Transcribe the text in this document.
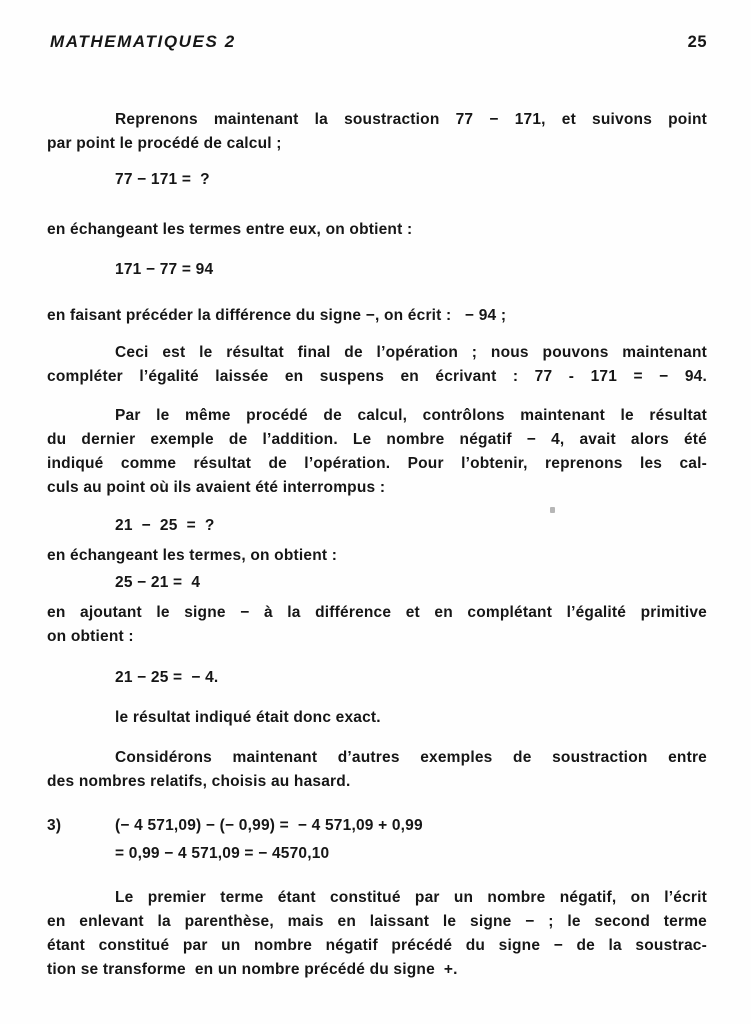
MATHEMATIQUES 2	25
Reprenons maintenant la soustraction 77 − 171, et suivons point
par point le procédé de calcul ;
77 − 171 =  ?
en échangeant les termes entre eux, on obtient :
171 − 77 = 94
en faisant précéder la différence du signe −, on écrit :   − 94 ;
Ceci est le résultat final de l’opération ; nous pouvons maintenant
compléter l’égalité laissée en suspens en écrivant : 77 - 171 = − 94.
Par le même procédé de calcul, contrôlons maintenant le résultat
du dernier exemple de l’addition. Le nombre négatif − 4, avait alors été
indiqué comme résultat de l’opération. Pour l’obtenir, reprenons les cal-
culs au point où ils avaient été interrompus :
21  −  25  =  ?
en échangeant les termes, on obtient :
25 − 21 =  4
en ajoutant le signe − à la différence et en complétant l’égalité primitive
on obtient :
21 − 25 =  − 4.
le résultat indiqué était donc exact.
Considérons maintenant d’autres exemples de soustraction entre
des nombres relatifs, choisis au hasard.
3)	(− 4 571,09) − (− 0,99) =  − 4 571,09 + 0,99
= 0,99 − 4 571,09 = − 4570,10
Le premier terme étant constitué par un nombre négatif, on l’écrit
en enlevant la parenthèse, mais en laissant le signe − ; le second terme
étant constitué par un nombre négatif précédé du signe − de la soustrac-
tion se transforme  en un nombre précédé du signe  +.
